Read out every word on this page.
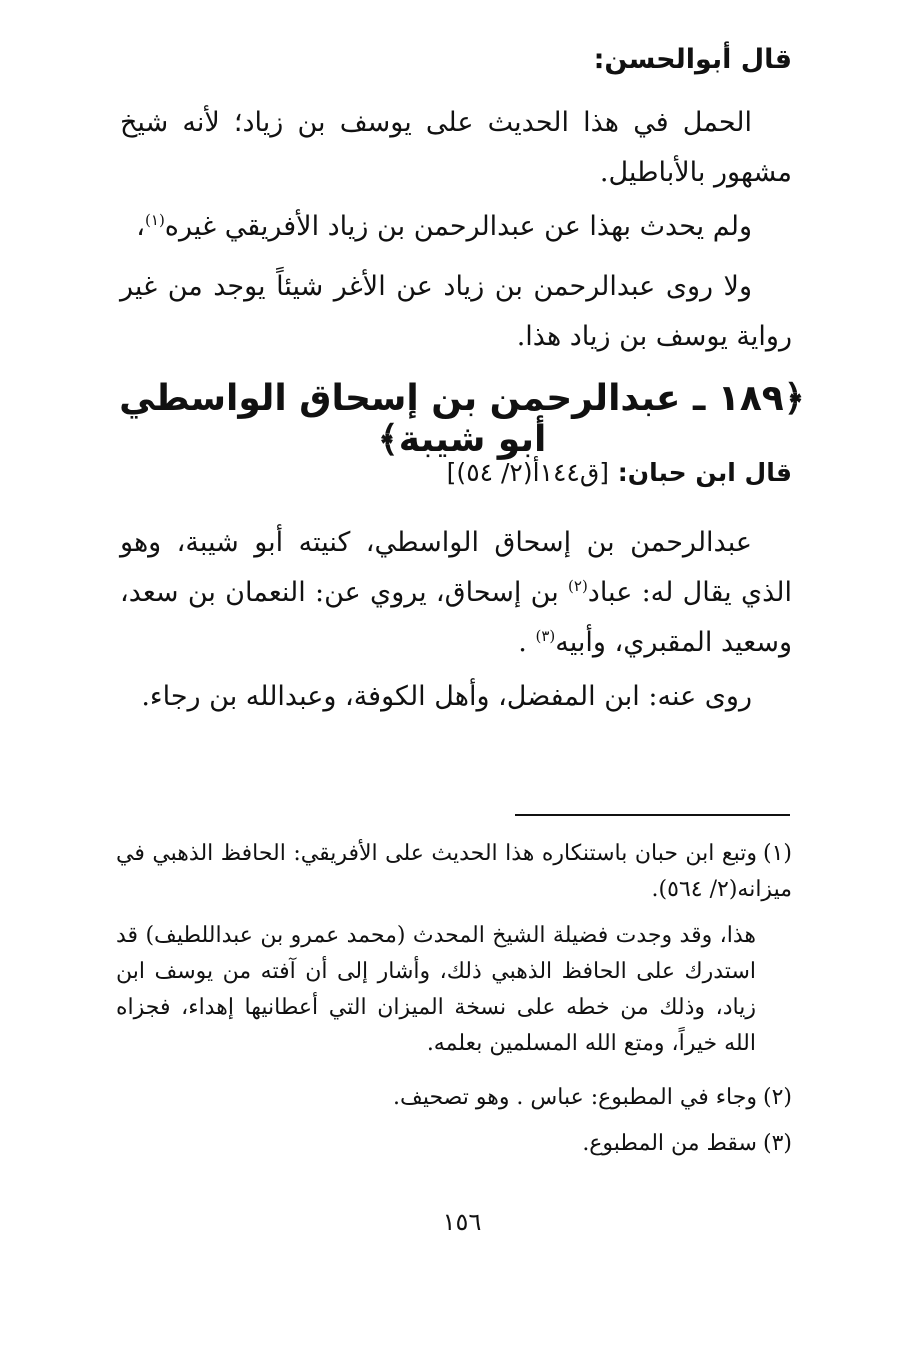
قال أبوالحسن:

الحمل في هذا الحديث على يوسف بن زياد؛ لأنه شيخ مشهور بالأباطيل.

ولم يحدث بهذا عن عبدالرحمن بن زياد الأفريقي غيره$^{(١)}$،

ولا روى عبدالرحمن بن زياد عن الأغر شيئاً يوجد من غير رواية يوسف بن زياد هذا.

﴿١٨٩ ـ عبدالرحمن بن إسحاق الواسطي أبو شيبة﴾

قال ابن حبان: [ق١٤٤أ(٢/ ٥٤)]

عبدالرحمن بن إسحاق الواسطي، كنيته أبو شيبة، وهو الذي يقال له: عباد$^{(٢)}$ بن إسحاق، يروي عن: النعمان بن سعد، وسعيد المقبري، وأبيه$^{(٣)}$ .

روى عنه: ابن المفضل، وأهل الكوفة، وعبدالله بن رجاء.

(١)وتبع ابن حبان باستنكاره هذا الحديث على الأفريقي: الحافظ الذهبي في ميزانه(٢/ ٥٦٤).

هذا، وقد وجدت فضيلة الشيخ المحدث (محمد عمرو بن عبداللطيف) قد استدرك على الحافظ الذهبي ذلك، وأشار إلى أن آفته من يوسف ابن زياد، وذلك من خطه على نسخة الميزان التي أعطانيها إهداء، فجزاه الله خيراً، ومتع الله المسلمين بعلمه.

(٢)وجاء في المطبوع: عباس . وهو تصحيف.

(٣)سقط من المطبوع.

١٥٦
